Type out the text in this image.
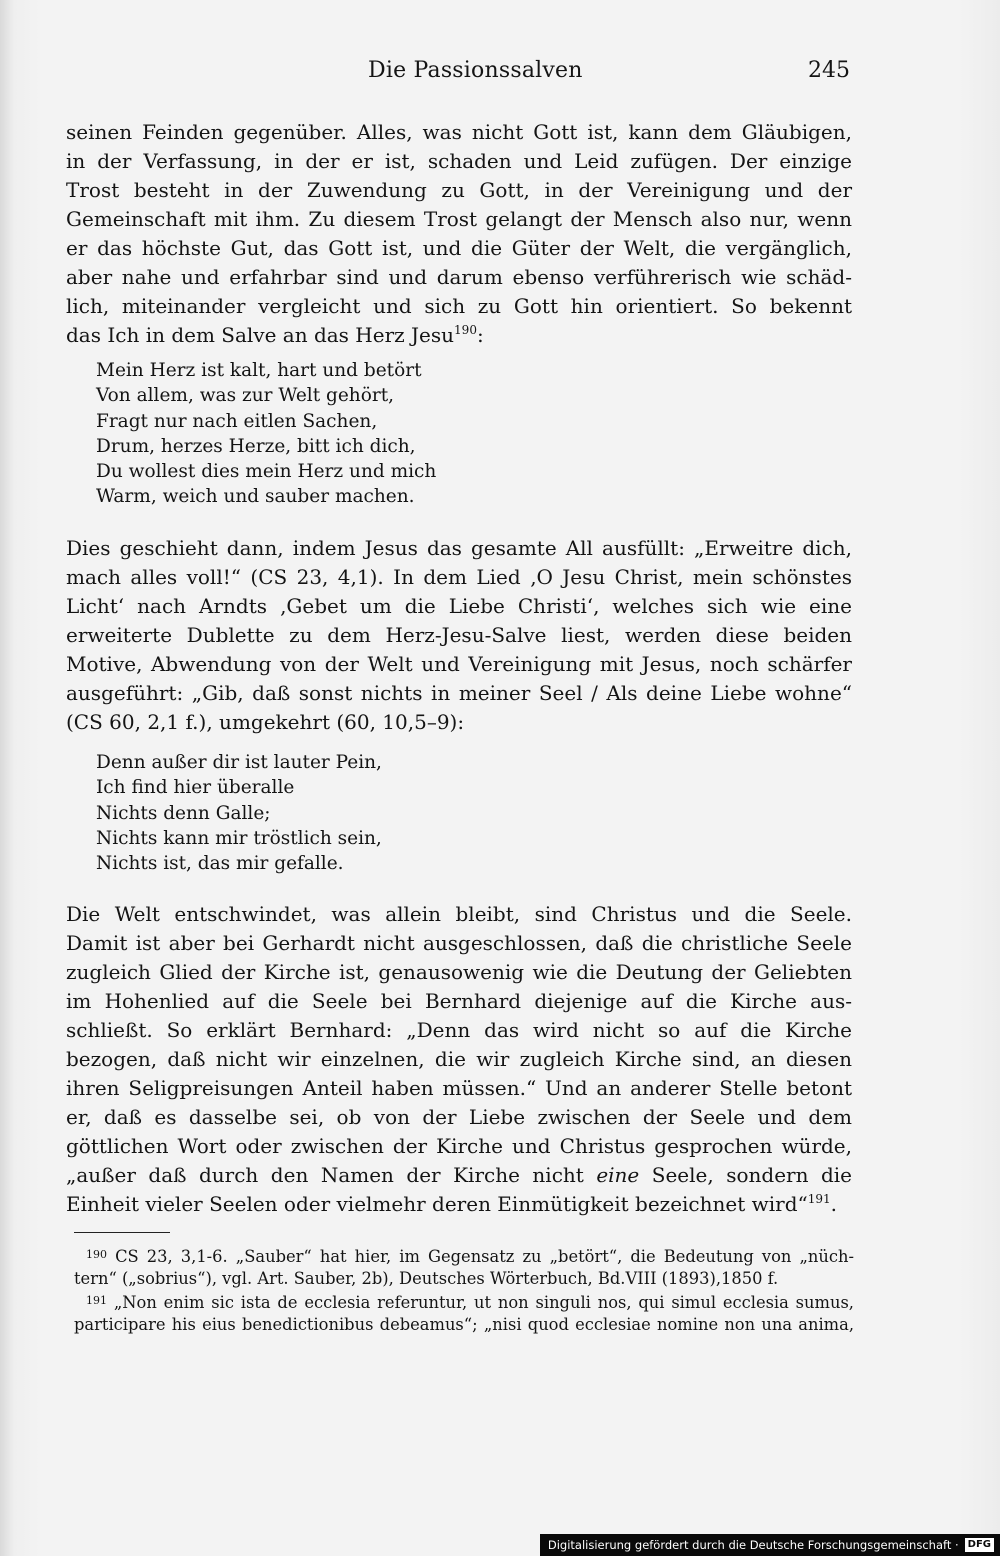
Die Passionssalven	245
seinen Feinden gegenüber. Alles, was nicht Gott ist, kann dem Gläubigen,
in der Verfassung, in der er ist, schaden und Leid zufügen. Der einzige
Trost besteht in der Zuwendung zu Gott, in der Vereinigung und der
Gemeinschaft mit ihm. Zu diesem Trost gelangt der Mensch also nur, wenn
er das höchste Gut, das Gott ist, und die Güter der Welt, die vergänglich,
aber nahe und erfahrbar sind und darum ebenso verführerisch wie schäd-
lich, miteinander vergleicht und sich zu Gott hin orientiert. So bekennt
das Ich in dem Salve an das Herz Jesu$^{190}$:
Mein Herz ist kalt, hart und betört
Von allem, was zur Welt gehört,
Fragt nur nach eitlen Sachen,
Drum, herzes Herze, bitt ich dich,
Du wollest dies mein Herz und mich
Warm, weich und sauber machen.
Dies geschieht dann, indem Jesus das gesamte All ausfüllt: „Erweitre dich,
mach alles voll!“ (CS 23, 4,1). In dem Lied ‚O Jesu Christ, mein schönstes
Licht‘ nach Arndts ‚Gebet um die Liebe Christi‘, welches sich wie eine
erweiterte Dublette zu dem Herz-Jesu-Salve liest, werden diese beiden
Motive, Abwendung von der Welt und Vereinigung mit Jesus, noch schärfer
ausgeführt: „Gib, daß sonst nichts in meiner Seel / Als deine Liebe wohne“
(CS 60, 2,1 f.), umgekehrt (60, 10,5–9):
Denn außer dir ist lauter Pein,
Ich find hier überalle
Nichts denn Galle;
Nichts kann mir tröstlich sein,
Nichts ist, das mir gefalle.
Die Welt entschwindet, was allein bleibt, sind Christus und die Seele.
Damit ist aber bei Gerhardt nicht ausgeschlossen, daß die christliche Seele
zugleich Glied der Kirche ist, genausowenig wie die Deutung der Geliebten
im Hohenlied auf die Seele bei Bernhard diejenige auf die Kirche aus-
schließt. So erklärt Bernhard: „Denn das wird nicht so auf die Kirche
bezogen, daß nicht wir einzelnen, die wir zugleich Kirche sind, an diesen
ihren Seligpreisungen Anteil haben müssen.“ Und an anderer Stelle betont
er, daß es dasselbe sei, ob von der Liebe zwischen der Seele und dem
göttlichen Wort oder zwischen der Kirche und Christus gesprochen würde,
„außer daß durch den Namen der Kirche nicht eine Seele, sondern die
Einheit vieler Seelen oder vielmehr deren Einmütigkeit bezeichnet wird“$^{191}$.
$^{190}$ CS 23, 3,1-6. „Sauber“ hat hier, im Gegensatz zu „betört“, die Bedeutung von „nüch-
tern“ („sobrius“), vgl. Art. Sauber, 2b), Deutsches Wörterbuch, Bd.VIII (1893),1850 f.
$^{191}$ „Non enim sic ista de ecclesia referuntur, ut non singuli nos, qui simul ecclesia sumus,
participare his eius benedictionibus debeamus“; „nisi quod ecclesiae nomine non una anima,
Digitalisierung gefördert durch die Deutsche Forschungsgemeinschaft · DFG
